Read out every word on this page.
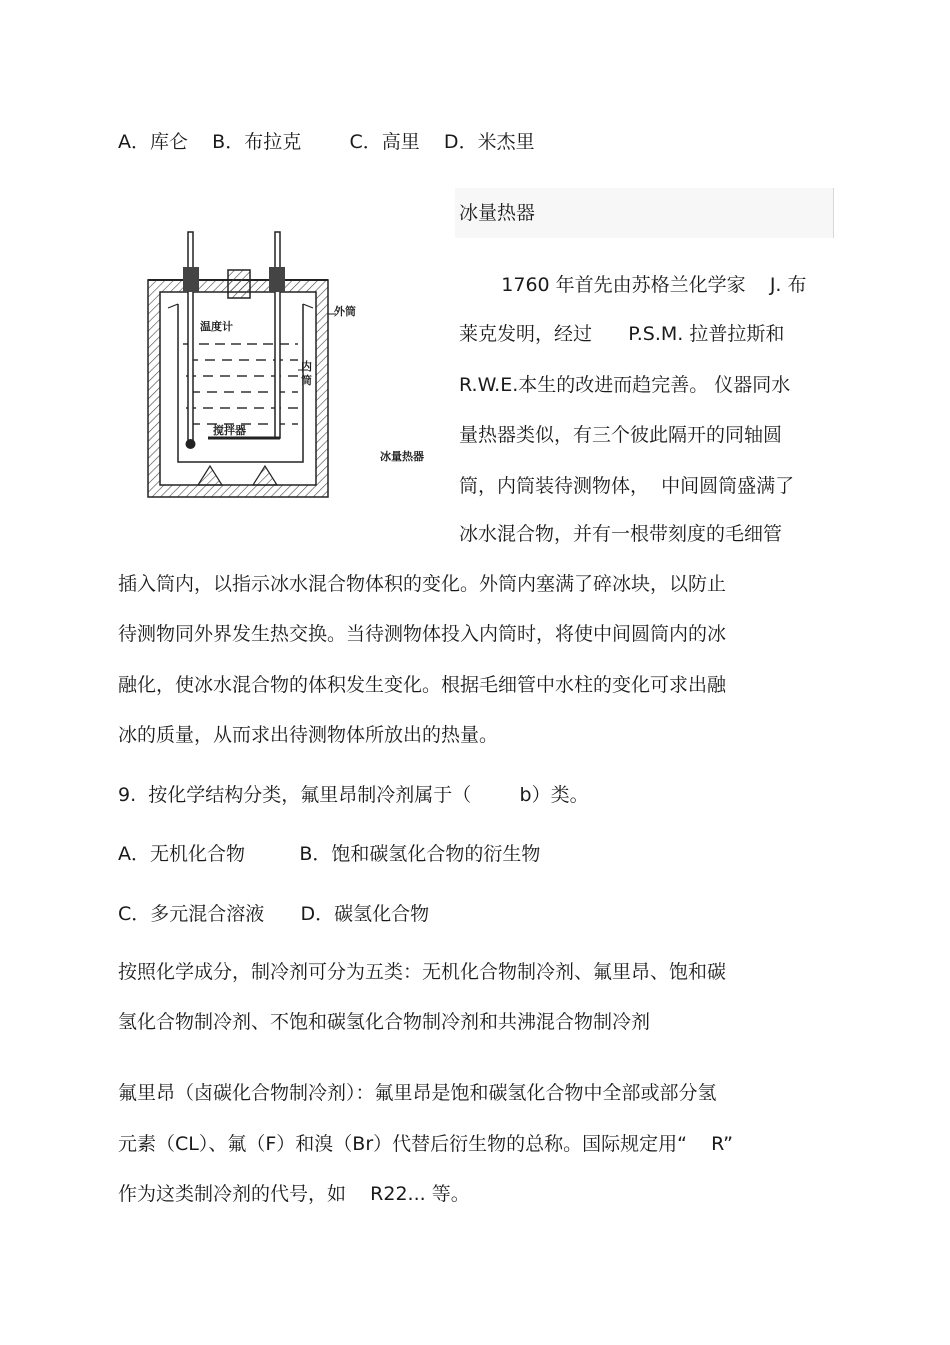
A．库仑    B．布拉克        C．高里    D．米杰里
冰量热器
温度计
外筒
内
筒
搅拌器
冰量热器
1760 年首先由苏格兰化学家    J. 布
莱克发明，经过      P.S.M. 拉普拉斯和
R.W.E.本生的改进而趋完善。 仪器同水
量热器类似，有三个彼此隔开的同轴圆
筒，内筒装待测物体，  中间圆筒盛满了
冰水混合物，并有一根带刻度的毛细管
插入筒内，以指示冰水混合物体积的变化。外筒内塞满了碎冰块，以防止
待测物同外界发生热交换。当待测物体投入内筒时，将使中间圆筒内的冰
融化，使冰水混合物的体积发生变化。根据毛细管中水柱的变化可求出融
冰的质量，从而求出待测物体所放出的热量。
9.  按化学结构分类，氟里昂制冷剂属于（        b）类。
A．无机化合物         B．饱和碳氢化合物的衍生物
C．多元混合溶液      D．碳氢化合物
按照化学成分，制冷剂可分为五类：无机化合物制冷剂、氟里昂、饱和碳
氢化合物制冷剂、不饱和碳氢化合物制冷剂和共沸混合物制冷剂
氟里昂（卤碳化合物制冷剂）：氟里昂是饱和碳氢化合物中全部或部分氢
元素（CL）、氟（F）和溴（Br）代替后衍生物的总称。国际规定用“    R”
作为这类制冷剂的代号，如    R22... 等。
